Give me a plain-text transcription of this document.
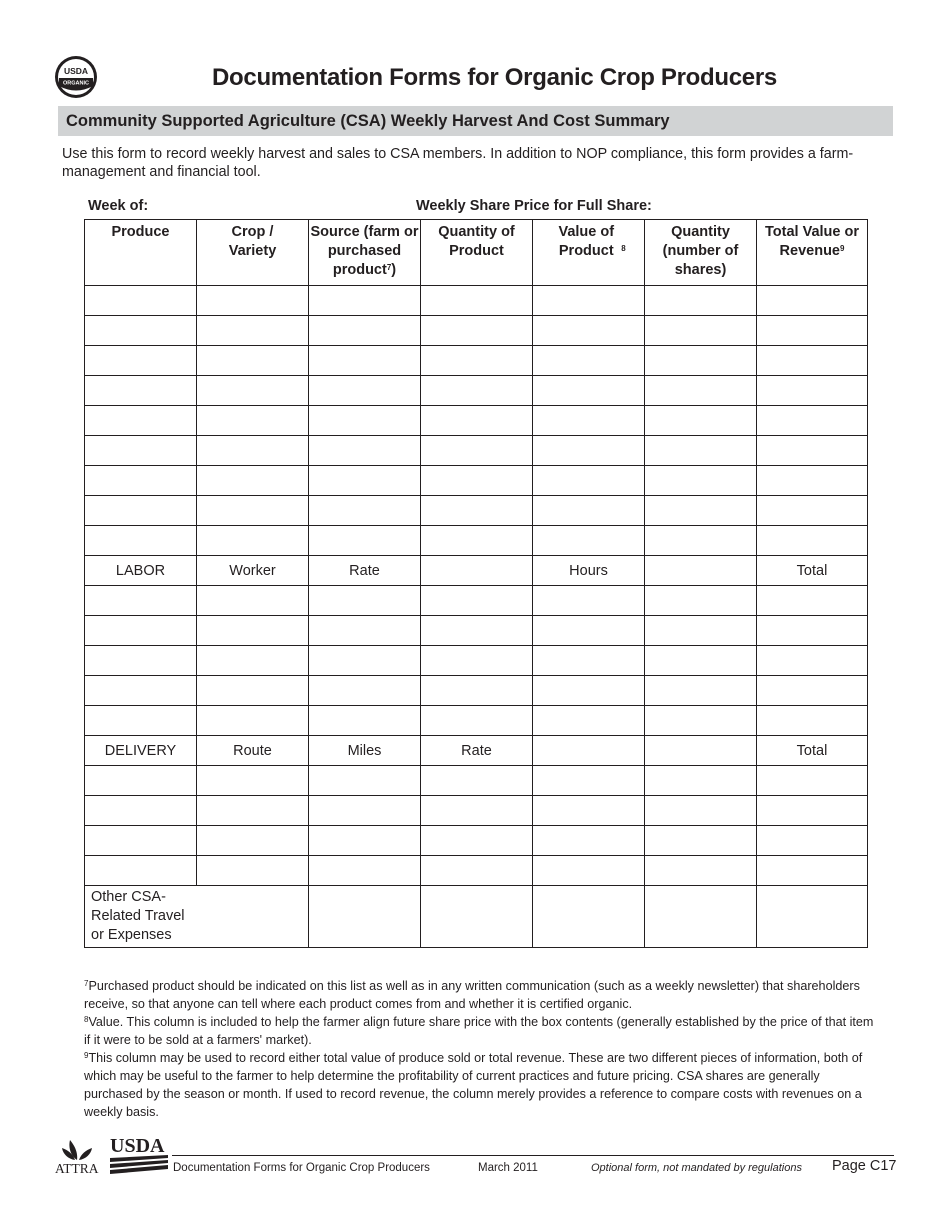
USDA
ORGANIC	Documentation Forms for Organic Crop Producers
Community Supported Agriculture (CSA) Weekly Harvest And Cost Summary

Use this form to record weekly harvest and sales to CSA members. In addition to NOP compliance, this form provides a farm-management and financial tool.

Week of:	Weekly Share Price for Full Share:
Produce	Crop / Variety	Source (farm or purchased product$^7$)	Quantity of Product	Value of Product $^8$	Quantity (number of shares)	Total Value or Revenue$^9$

LABOR	Worker	Rate		Hours		Total

DELIVERY	Route	Miles	Rate			Total

Other CSA-Related Travel or Expenses						

$^7$Purchased product should be indicated on this list as well as in any written communication (such as a weekly newsletter) that shareholders receive, so that anyone can tell where each product comes from and whether it is certified organic.

$^8$Value. This column is included to help the farmer align future share price with the box contents (generally established by the price of that item if it were to be sold at a farmers' market).

$^9$This column may be used to record either total value of produce sold or total revenue. These are two different pieces of information, both of which may be useful to the farmer to help determine the profitability of current practices and future pricing. CSA shares are generally purchased by the season or month. If used to record revenue, the column merely provides a reference to compare costs with revenues on a weekly basis.

ATTRA
USDA
Documentation Forms for Organic Crop Producers	March 2011	Optional form, not mandated by regulations Page C17
